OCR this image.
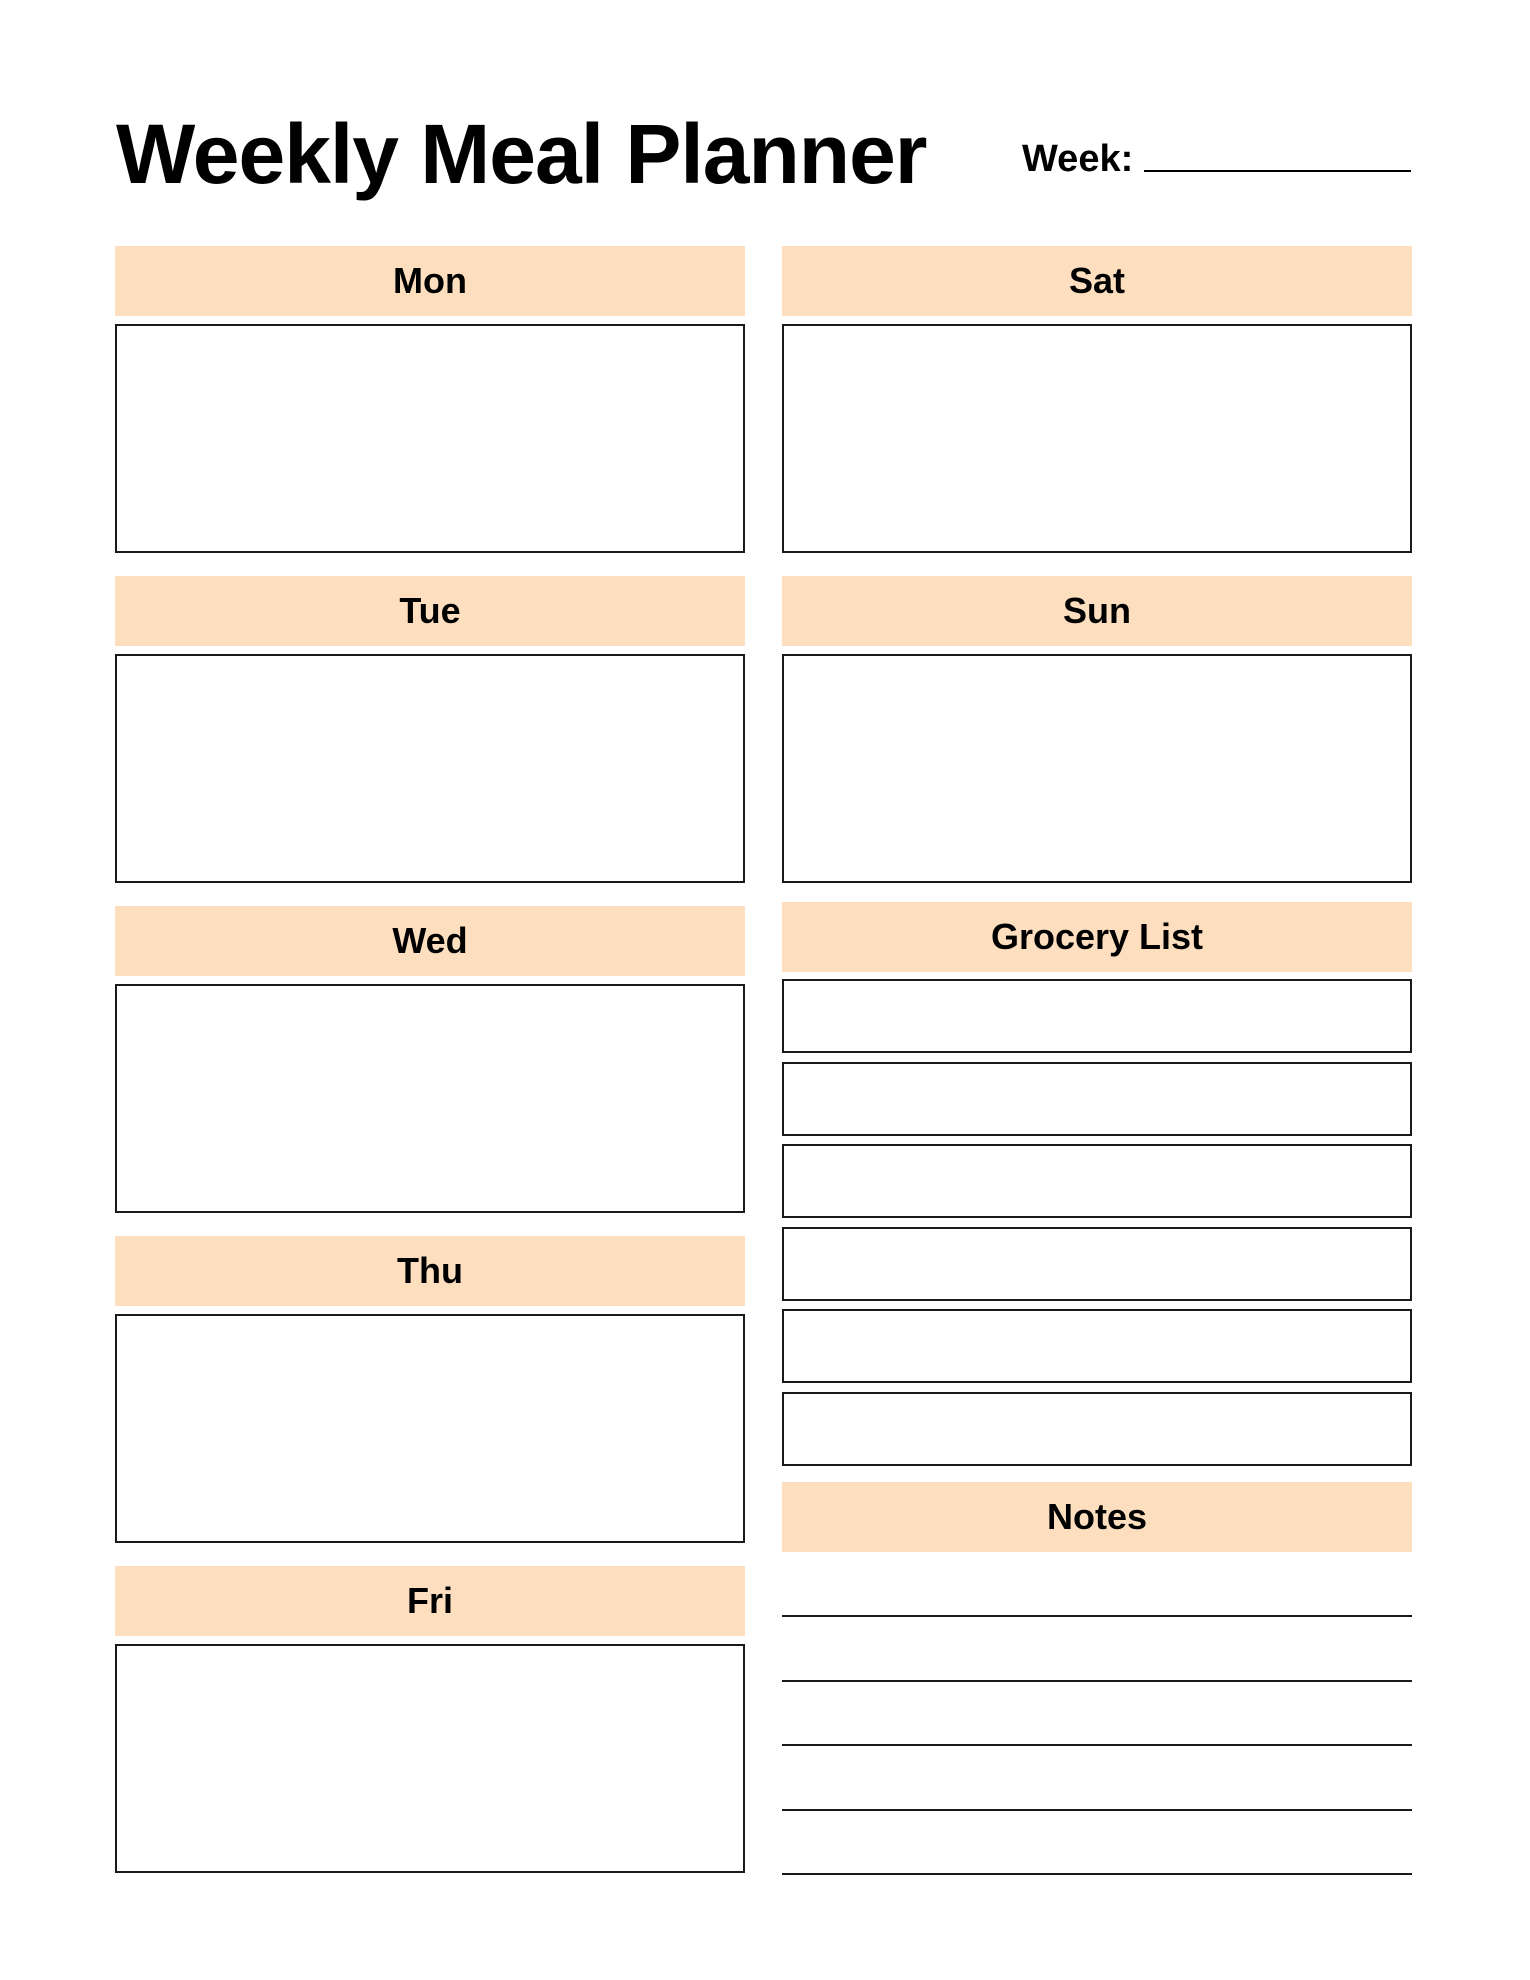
Weekly Meal Planner	Week:
Mon
Tue
Wed
Thu
Fri
Sat
Sun
Grocery List
Notes
